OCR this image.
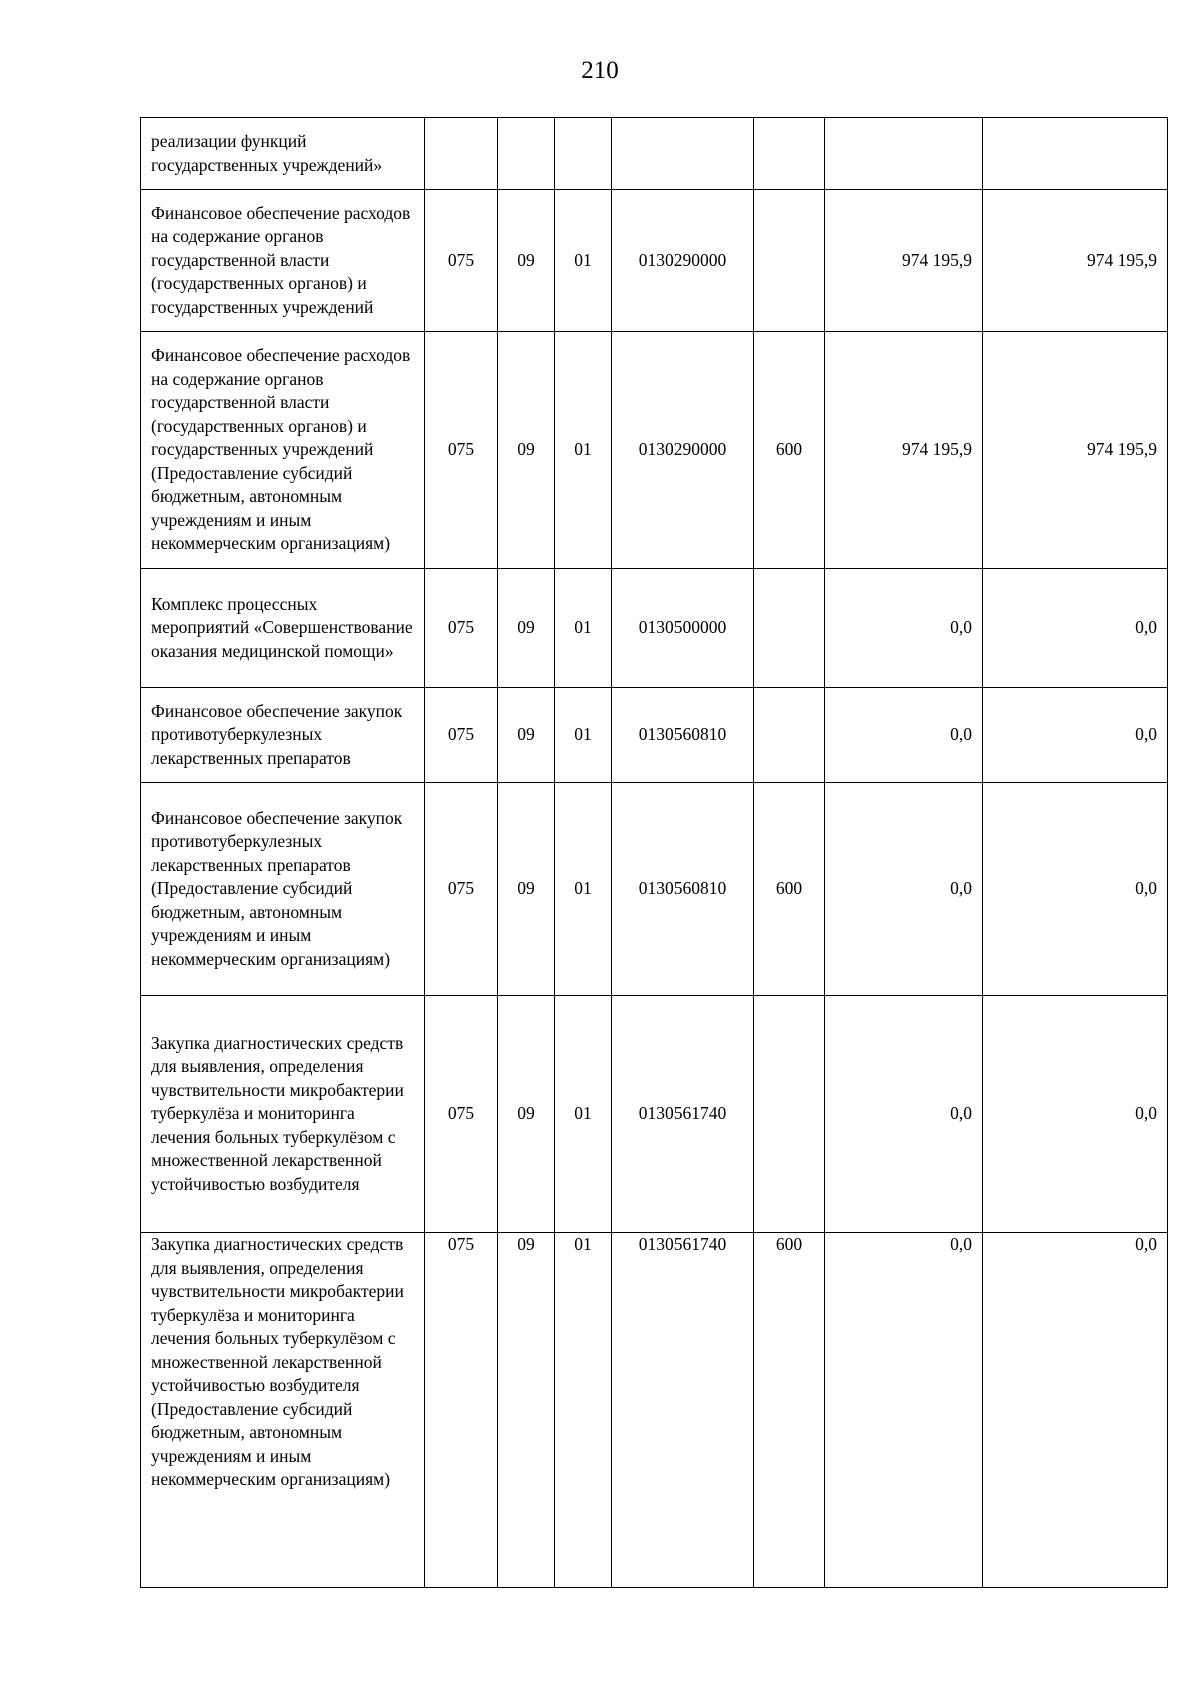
210
реализации функций государственных учреждений»							
Финансовое обеспечение расходов на содержание органов государственной власти (государственных органов) и государственных учреждений	075	09	01	0130290000		974 195,9	974 195,9
Финансовое обеспечение расходов на содержание органов государственной власти (государственных органов) и государственных учреждений (Предоставление субсидий бюджетным, автономным учреждениям и иным некоммерческим организациям)	075	09	01	0130290000	600	974 195,9	974 195,9
Комплекс процессных мероприятий «Совершенствование оказания медицинской помощи»	075	09	01	0130500000		0,0	0,0
Финансовое обеспечение закупок противотуберкулезных лекарственных препаратов	075	09	01	0130560810		0,0	0,0
Финансовое обеспечение закупок противотуберкулезных лекарственных препаратов (Предоставление субсидий бюджетным, автономным учреждениям и иным некоммерческим организациям)	075	09	01	0130560810	600	0,0	0,0
Закупка диагностических средств для выявления, определения чувствительности микробактерии туберкулёза и мониторинга лечения больных туберкулёзом с множественной лекарственной устойчивостью возбудителя	075	09	01	0130561740		0,0	0,0
Закупка диагностических средств для выявления, определения чувствительности микробактерии туберкулёза и мониторинга лечения больных туберкулёзом с множественной лекарственной устойчивостью возбудителя (Предоставление субсидий бюджетным, автономным учреждениям и иным некоммерческим организациям)	075	09	01	0130561740	600	0,0	0,0
